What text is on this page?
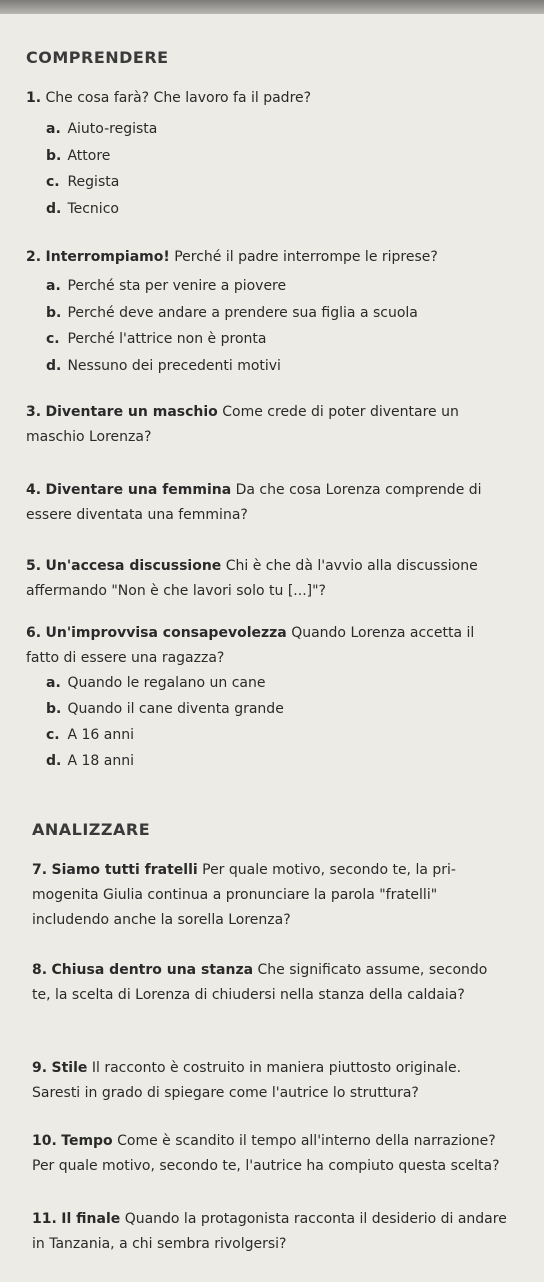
COMPRENDERE
1. Che cosa farà? Che lavoro fa il padre?
a. Aiuto-regista
b. Attore
c. Regista
d. Tecnico
2. Interrompiamo! Perché il padre interrompe le riprese?
a. Perché sta per venire a piovere
b. Perché deve andare a prendere sua figlia a scuola
c. Perché l'attrice non è pronta
d. Nessuno dei precedenti motivi
3. Diventare un maschio Come crede di poter diventare un maschio Lorenza?
4. Diventare una femmina Da che cosa Lorenza comprende di essere diventata una femmina?
5. Un'accesa discussione Chi è che dà l'avvio alla discussione affermando "Non è che lavori solo tu [...]"?
6. Un'improvvisa consapevolezza Quando Lorenza accetta il fatto di essere una ragazza?
a. Quando le regalano un cane
b. Quando il cane diventa grande
c. A 16 anni
d. A 18 anni
ANALIZZARE
7. Siamo tutti fratelli Per quale motivo, secondo te, la primogenita Giulia continua a pronunciare la parola "fratelli" includendo anche la sorella Lorenza?
8. Chiusa dentro una stanza Che significato assume, secondo te, la scelta di Lorenza di chiudersi nella stanza della caldaia?
9. Stile Il racconto è costruito in maniera piuttosto originale. Saresti in grado di spiegare come l'autrice lo struttura?
10. Tempo Come è scandito il tempo all'interno della narrazione? Per quale motivo, secondo te, l'autrice ha compiuto questa scelta?
11. Il finale Quando la protagonista racconta il desiderio di andare in Tanzania, a chi sembra rivolgersi?
